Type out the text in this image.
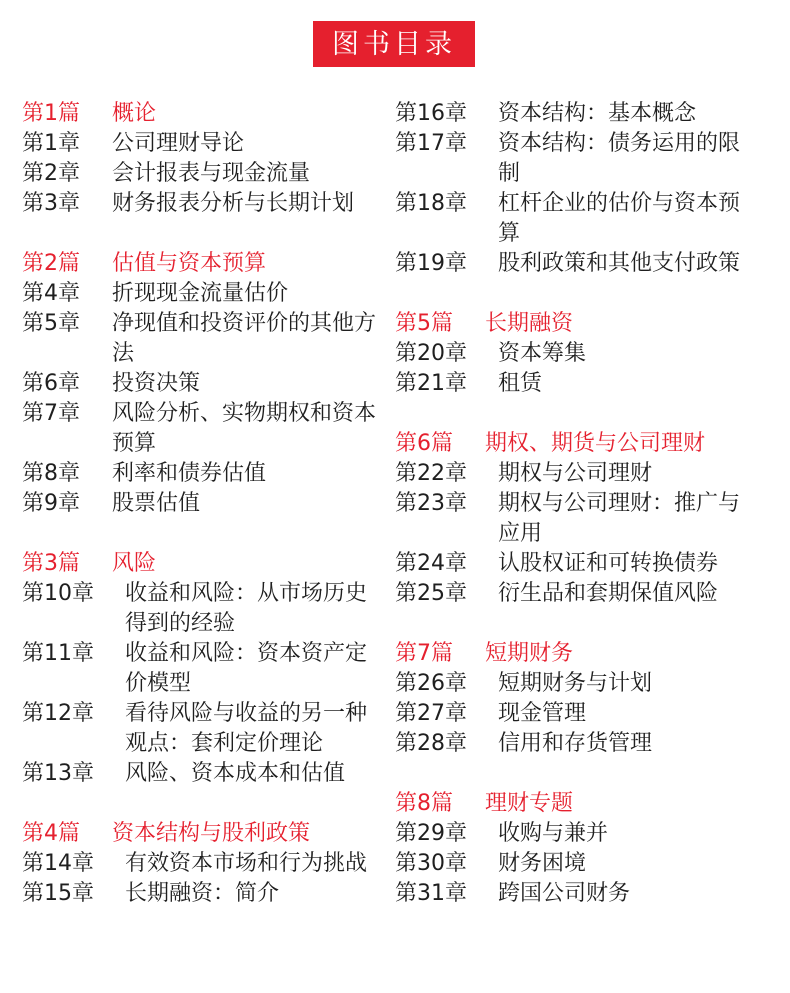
图书目录
第1篇	概论
第1章	公司理财导论
第2章	会计报表与现金流量
第3章	财务报表分析与长期计划
第2篇	估值与资本预算
第4章	折现现金流量估价
第5章	净现值和投资评价的其他方法
第6章	投资决策
第7章	风险分析、实物期权和资本预算
第8章	利率和债券估值
第9章	股票估值
第3篇	风险
第10章	收益和风险：从市场历史得到的经验
第11章	收益和风险：资本资产定价模型
第12章	看待风险与收益的另一种观点：套利定价理论
第13章	风险、资本成本和估值
第4篇	资本结构与股利政策
第14章	有效资本市场和行为挑战
第15章	长期融资：简介
第16章	资本结构：基本概念
第17章	资本结构：债务运用的限制
第18章	杠杆企业的估价与资本预算
第19章	股利政策和其他支付政策
第5篇	长期融资
第20章	资本筹集
第21章	租赁
第6篇	期权、期货与公司理财
第22章	期权与公司理财
第23章	期权与公司理财：推广与应用
第24章	认股权证和可转换债券
第25章	衍生品和套期保值风险
第7篇	短期财务
第26章	短期财务与计划
第27章	现金管理
第28章	信用和存货管理
第8篇	理财专题
第29章	收购与兼并
第30章	财务困境
第31章	跨国公司财务
